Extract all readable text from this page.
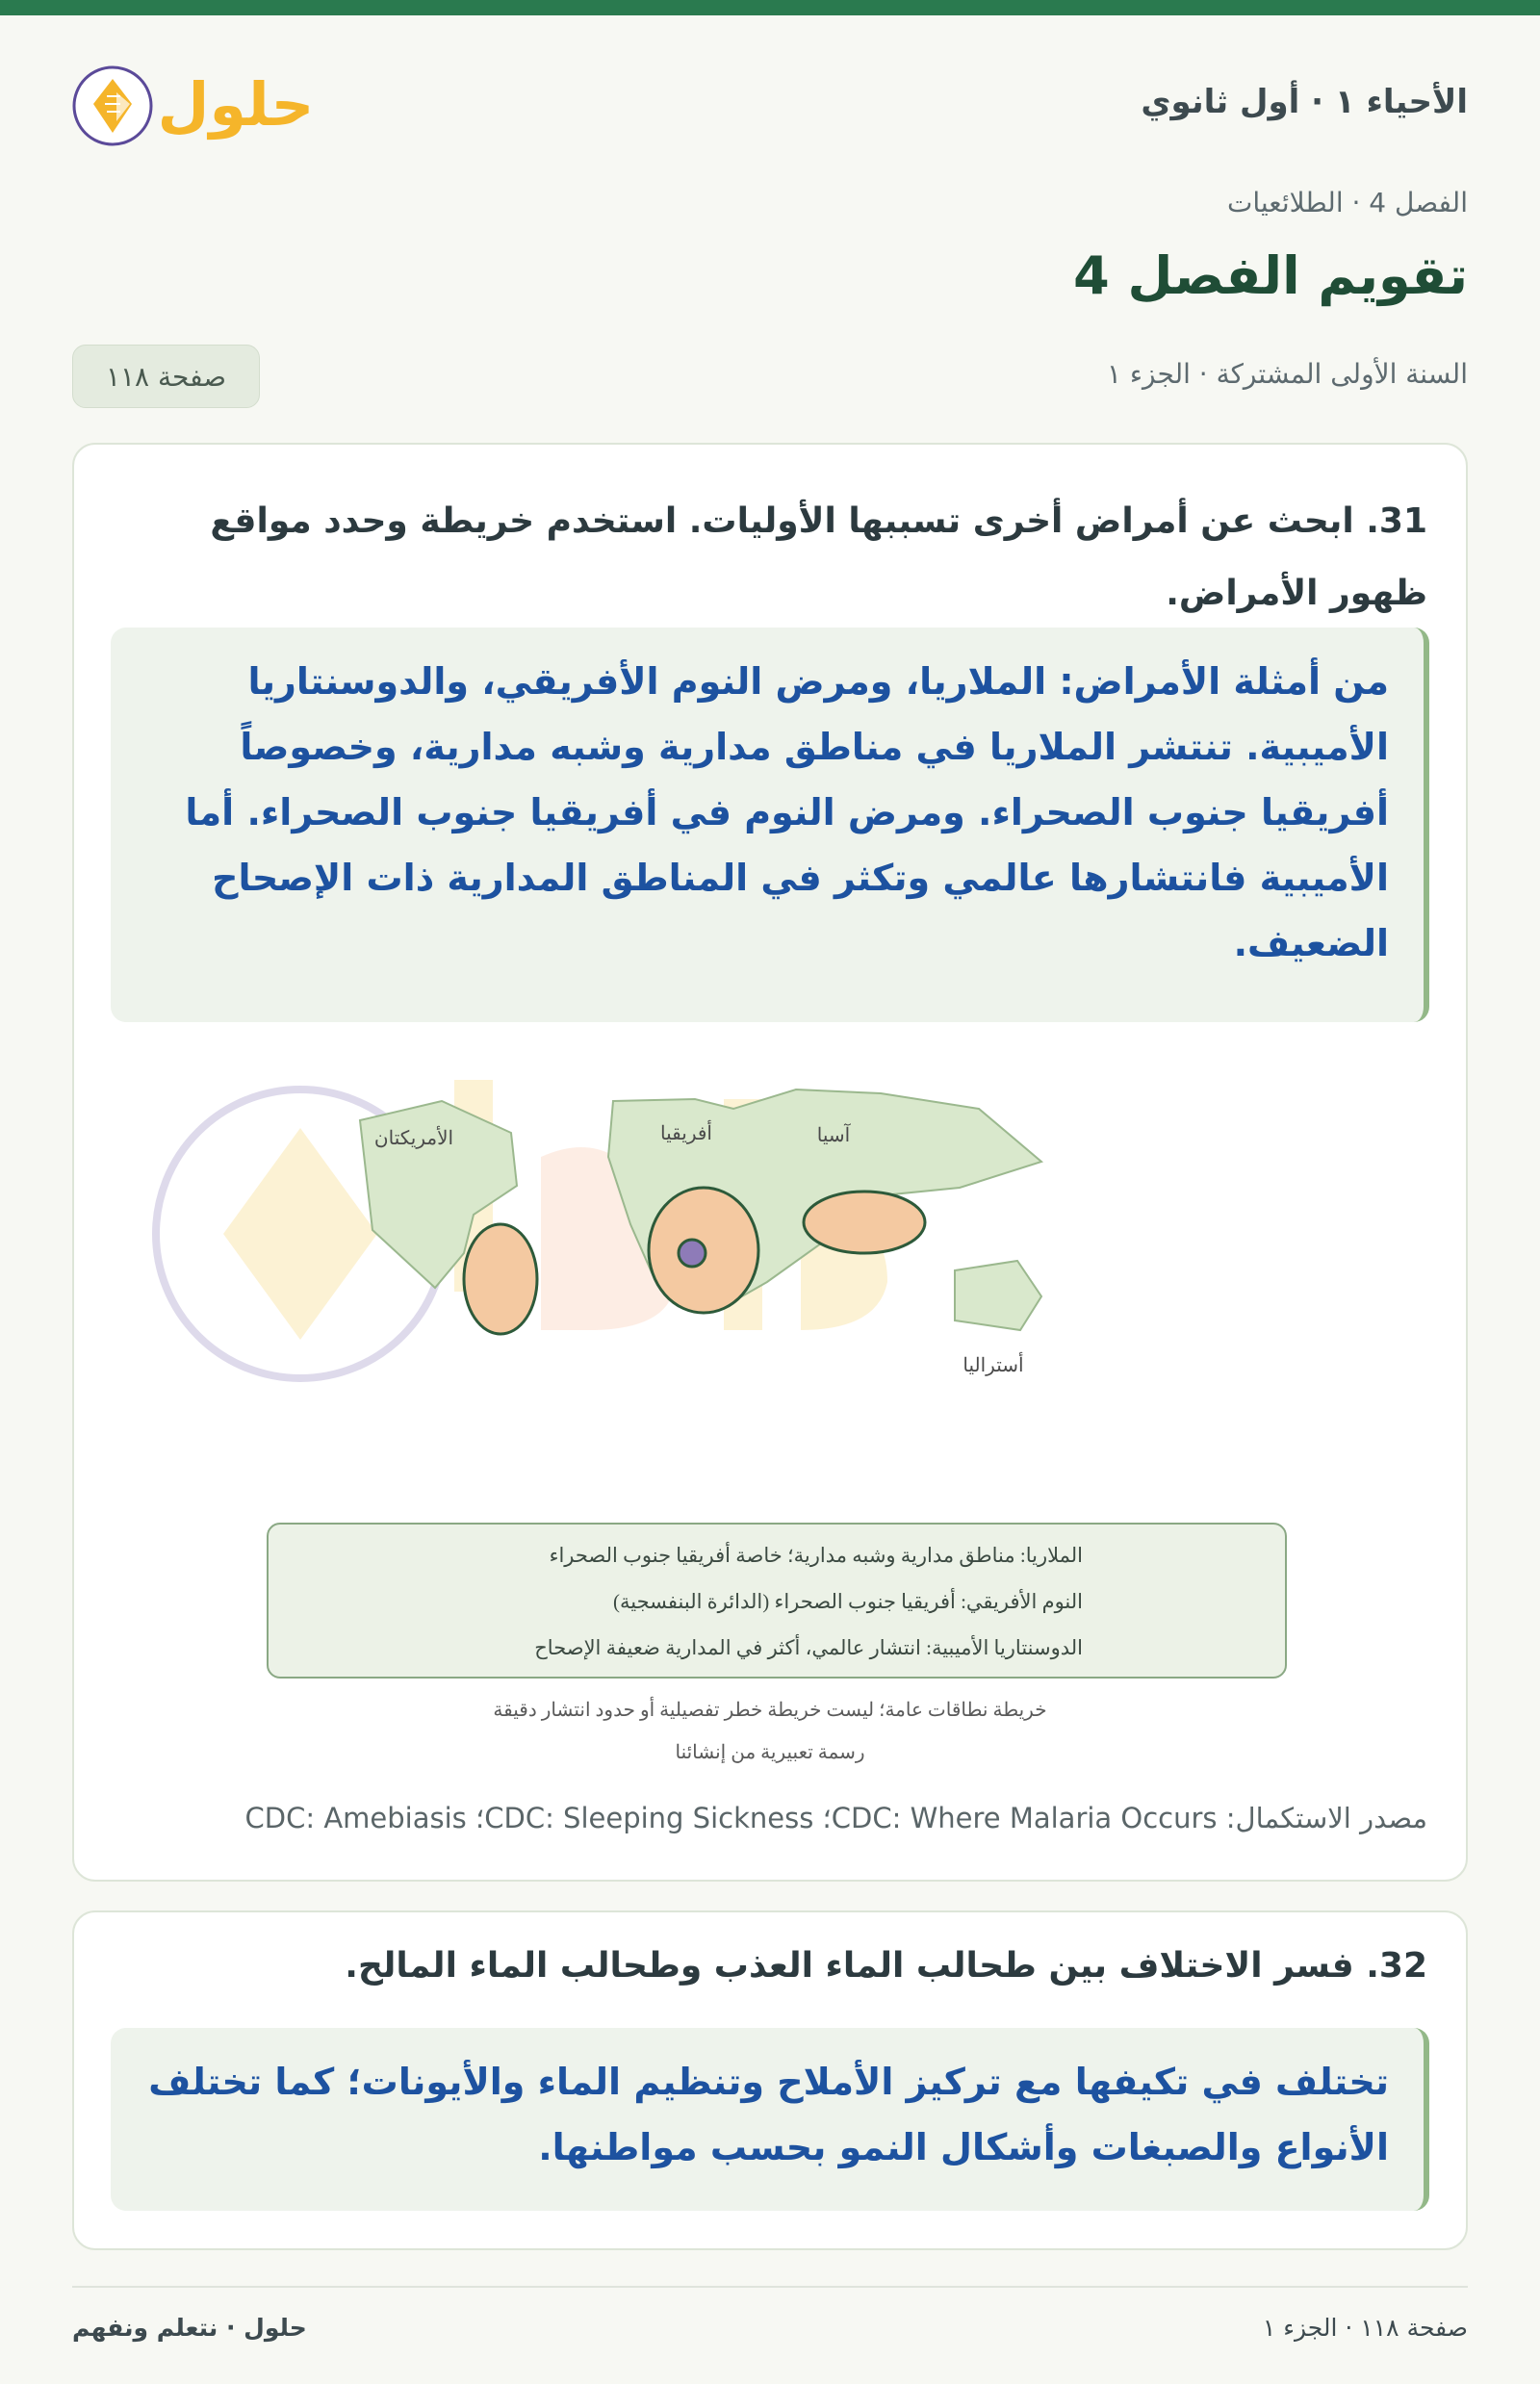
الأحياء ١ · أول ثانوي
حلول
الفصل 4 · الطلائعيات
تقويم الفصل 4
السنة الأولى المشتركة · الجزء ١
صفحة ١١٨
31. ابحث عن أمراض أخرى تسببها الأوليات. استخدم خريطة وحدد مواقع ظهور الأمراض.
من أمثلة الأمراض: الملاريا، ومرض النوم الأفريقي، والدوسنتاريا الأميبية. تنتشر الملاريا في مناطق مدارية وشبه مدارية، وخصوصاً أفريقيا جنوب الصحراء. ومرض النوم في أفريقيا جنوب الصحراء. أما الأميبية فانتشارها عالمي وتكثر في المناطق المدارية ذات الإصحاح الضعيف.
الأمريكتان	أفريقيا	آسيا
أستراليا
الملاريا: مناطق مدارية وشبه مدارية؛ خاصة أفريقيا جنوب الصحراء
النوم الأفريقي: أفريقيا جنوب الصحراء (الدائرة البنفسجية)
الدوسنتاريا الأميبية: انتشار عالمي، أكثر في المدارية ضعيفة الإصحاح
خريطة نطاقات عامة؛ ليست خريطة خطر تفصيلية أو حدود انتشار دقيقة
رسمة تعبيرية من إنشائنا
مصدر الاستكمال: CDC: Where Malaria Occurs؛ CDC: Sleeping Sickness؛ CDC: Amebiasis
32. فسر الاختلاف بين طحالب الماء العذب وطحالب الماء المالح.
تختلف في تكيفها مع تركيز الأملاح وتنظيم الماء والأيونات؛ كما تختلف الأنواع والصبغات وأشكال النمو بحسب مواطنها.
صفحة ١١٨ · الجزء ١
حلول · نتعلم ونفهم
